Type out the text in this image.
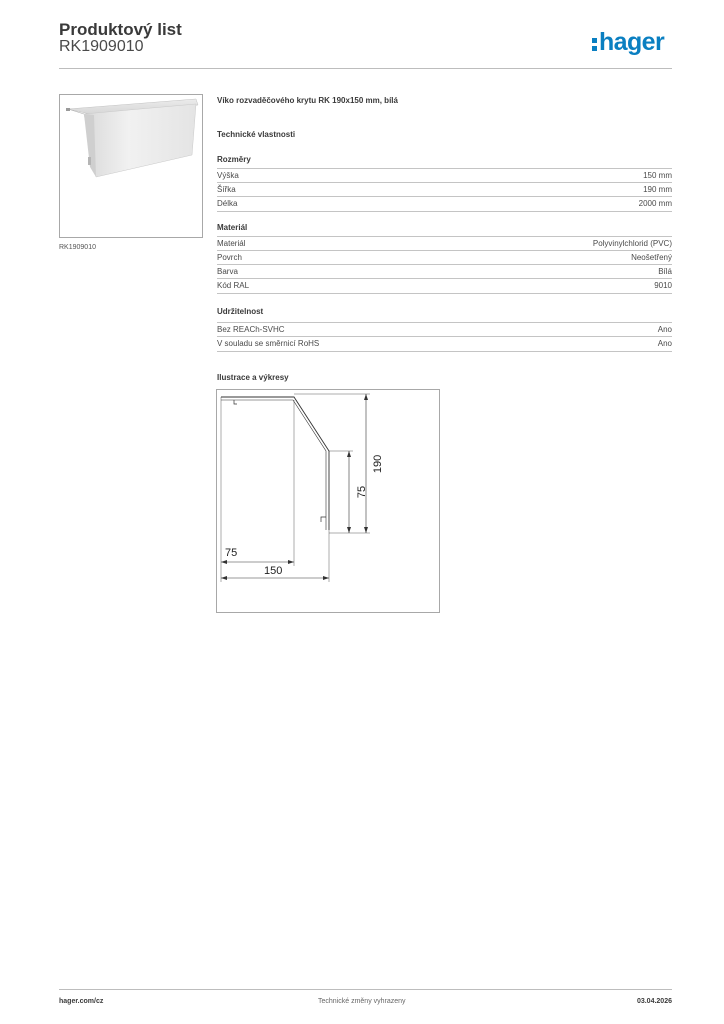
Produktový list
RK1909010	hager
RK1909010
Víko rozvaděčového krytu RK 190x150 mm, bílá
Technické vlastnosti
Rozměry
Výška	150 mm
Šířka	190 mm
Délka	2000 mm
Materiál
Materiál	Polyvinylchlorid (PVC)
Povrch	Neošetřený
Barva	Bílá
Kód RAL	9010
Udržitelnost
Bez REACh-SVHC	Ano
V souladu se směrnicí RoHS	Ano
Ilustrace a výkresy
190
75
75
150
hager.com/cz	Technické změny vyhrazeny	03.04.2026
